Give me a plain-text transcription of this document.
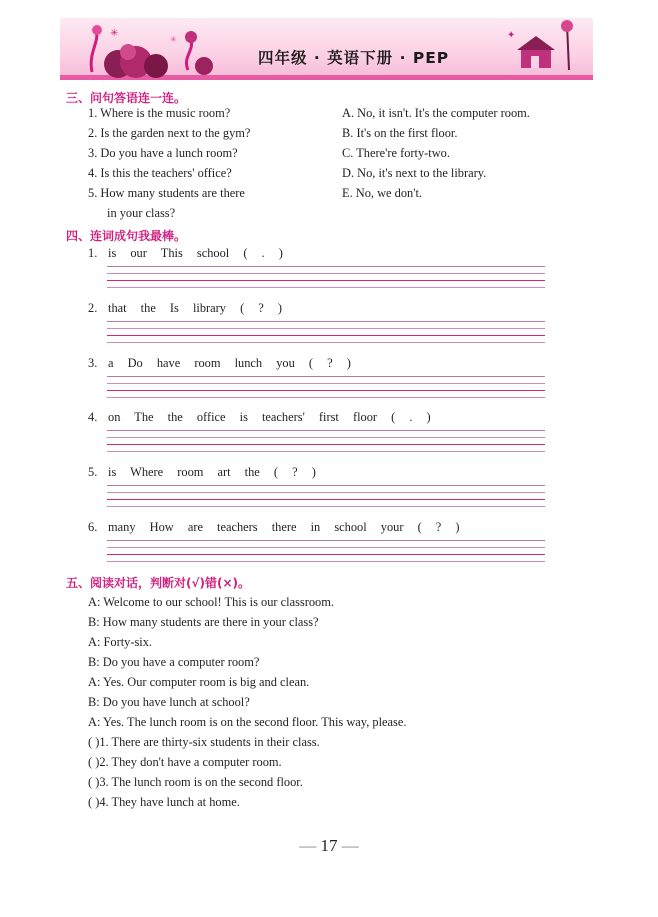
✳
✳
四年级 · 英语下册 · PEP
✦
三、问句答语连一连。
1. Where is the music room?
2. Is the garden next to the gym?
3. Do you have a lunch room?
4. Is this the teachers' office?
5. How many students are there
in your class?
A. No, it isn't. It's the computer room.
B. It's on the first floor.
C. There're forty-two.
D. No, it's next to the library.
E. No, we don't.
四、连词成句我最棒。
1. is our This school ( . )
2. that the Is library ( ? )
3. a Do have room lunch you ( ? )
4. on The the office is teachers' first floor ( . )
5. is Where room art the ( ? )
6. many How are teachers there in school your ( ? )
五、阅读对话，判断对(√)错(×)。
A: Welcome to our school! This is our classroom.
B: How many students are there in your class?
A: Forty-six.
B: Do you have a computer room?
A: Yes. Our computer room is big and clean.
B: Do you have lunch at school?
A: Yes. The lunch room is on the second floor. This way, please.
( )1. There are thirty-six students in their class.
( )2. They don't have a computer room.
( )3. The lunch room is on the second floor.
( )4. They have lunch at home.
— 17 —
